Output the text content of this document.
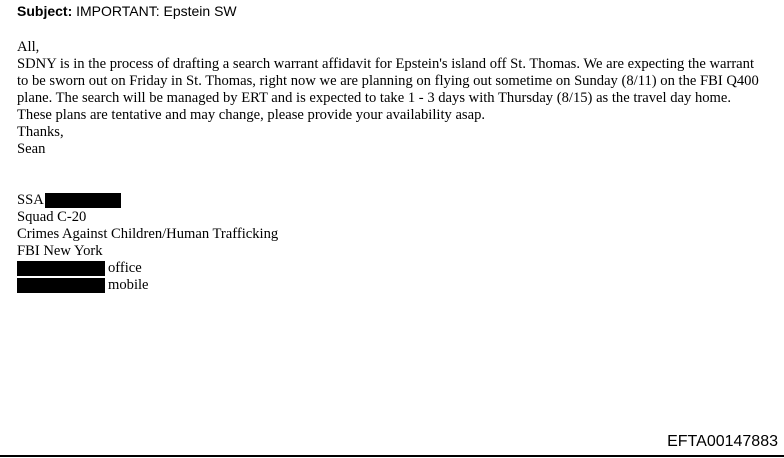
Subject: IMPORTANT: Epstein SW

All,

SDNY is in the process of drafting a search warrant affidavit for Epstein's island off St. Thomas. We are expecting the warrant to be sworn out on Friday in St. Thomas, right now we are planning on flying out sometime on Sunday (8/11) on the FBI Q400 plane. The search will be managed by ERT and is expected to take 1 - 3 days with Thursday (8/15) as the travel day home. These plans are tentative and may change, please provide your availability asap.

Thanks,

Sean

SSA
Squad C-20
Crimes Against Children/Human Trafficking
FBI New York
office
mobile
EFTA00147883
